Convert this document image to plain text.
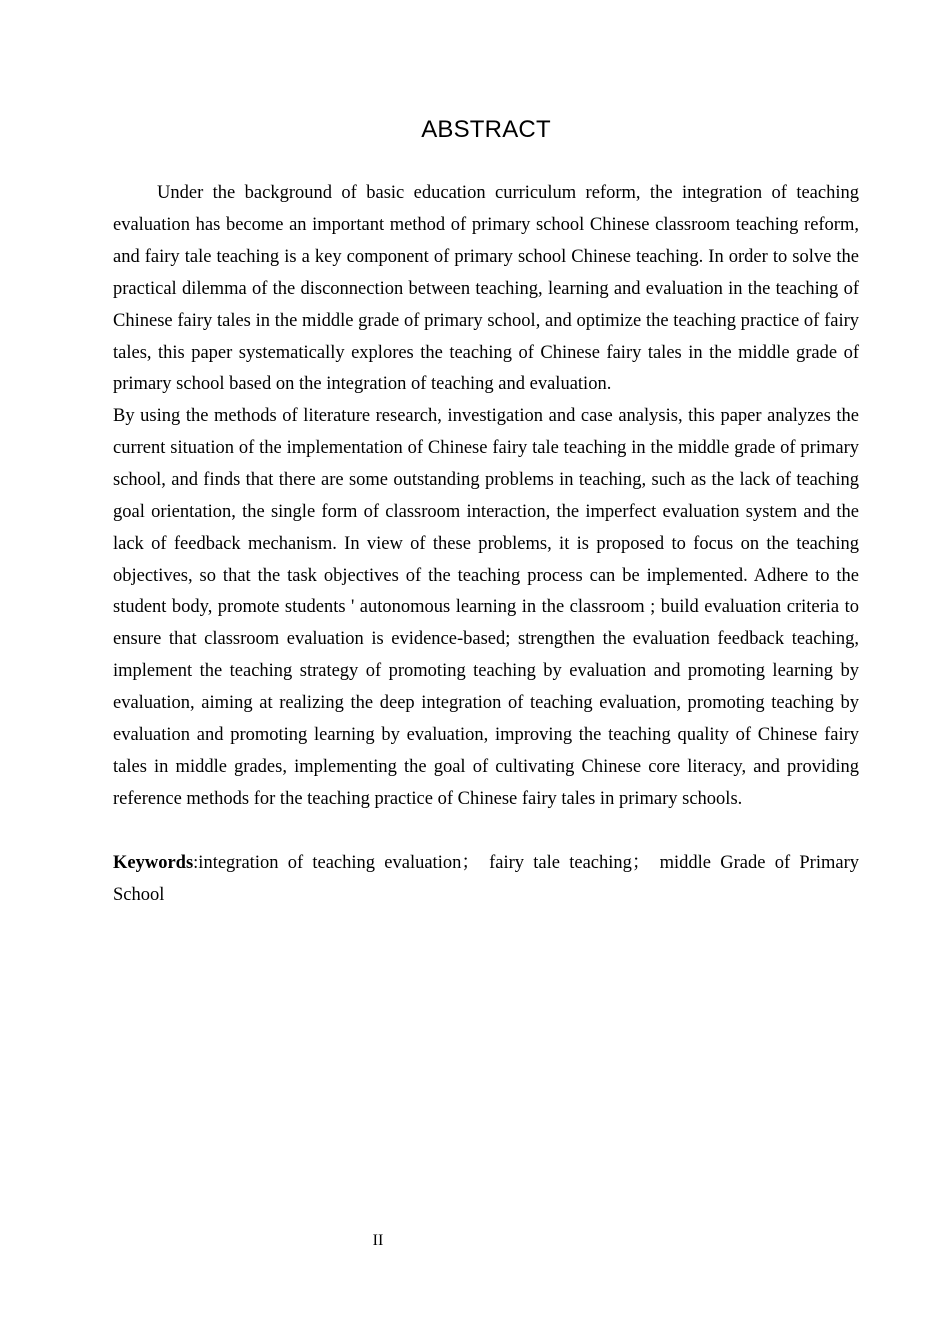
ABSTRACT

Under the background of basic education curriculum reform, the integration of teaching evaluation has become an important method of primary school Chinese classroom teaching reform, and fairy tale teaching is a key component of primary school Chinese teaching. In order to solve the practical dilemma of the disconnection between teaching, learning and evaluation in the teaching of Chinese fairy tales in the middle grade of primary school, and optimize the teaching practice of fairy tales, this paper systematically explores the teaching of Chinese fairy tales in the middle grade of primary school based on the integration of teaching and evaluation.

By using the methods of literature research, investigation and case analysis, this paper analyzes the current situation of the implementation of Chinese fairy tale teaching in the middle grade of primary school, and finds that there are some outstanding problems in teaching, such as the lack of teaching goal orientation, the single form of classroom interaction, the imperfect evaluation system and the lack of feedback mechanism. In view of these problems, it is proposed to focus on the teaching objectives, so that the task objectives of the teaching process can be implemented. Adhere to the student body, promote students ' autonomous learning in the classroom ; build evaluation criteria to ensure that classroom evaluation is evidence-based; strengthen the evaluation feedback teaching, implement the teaching strategy of promoting teaching by evaluation and promoting learning by evaluation, aiming at realizing the deep integration of teaching evaluation, promoting teaching by evaluation and promoting learning by evaluation, improving the teaching quality of Chinese fairy tales in middle grades, implementing the goal of cultivating Chinese core literacy, and providing reference methods for the teaching practice of Chinese fairy tales in primary schools.

Keywords:integration of teaching evaluation； fairy tale teaching； middle Grade of Primary School

II
